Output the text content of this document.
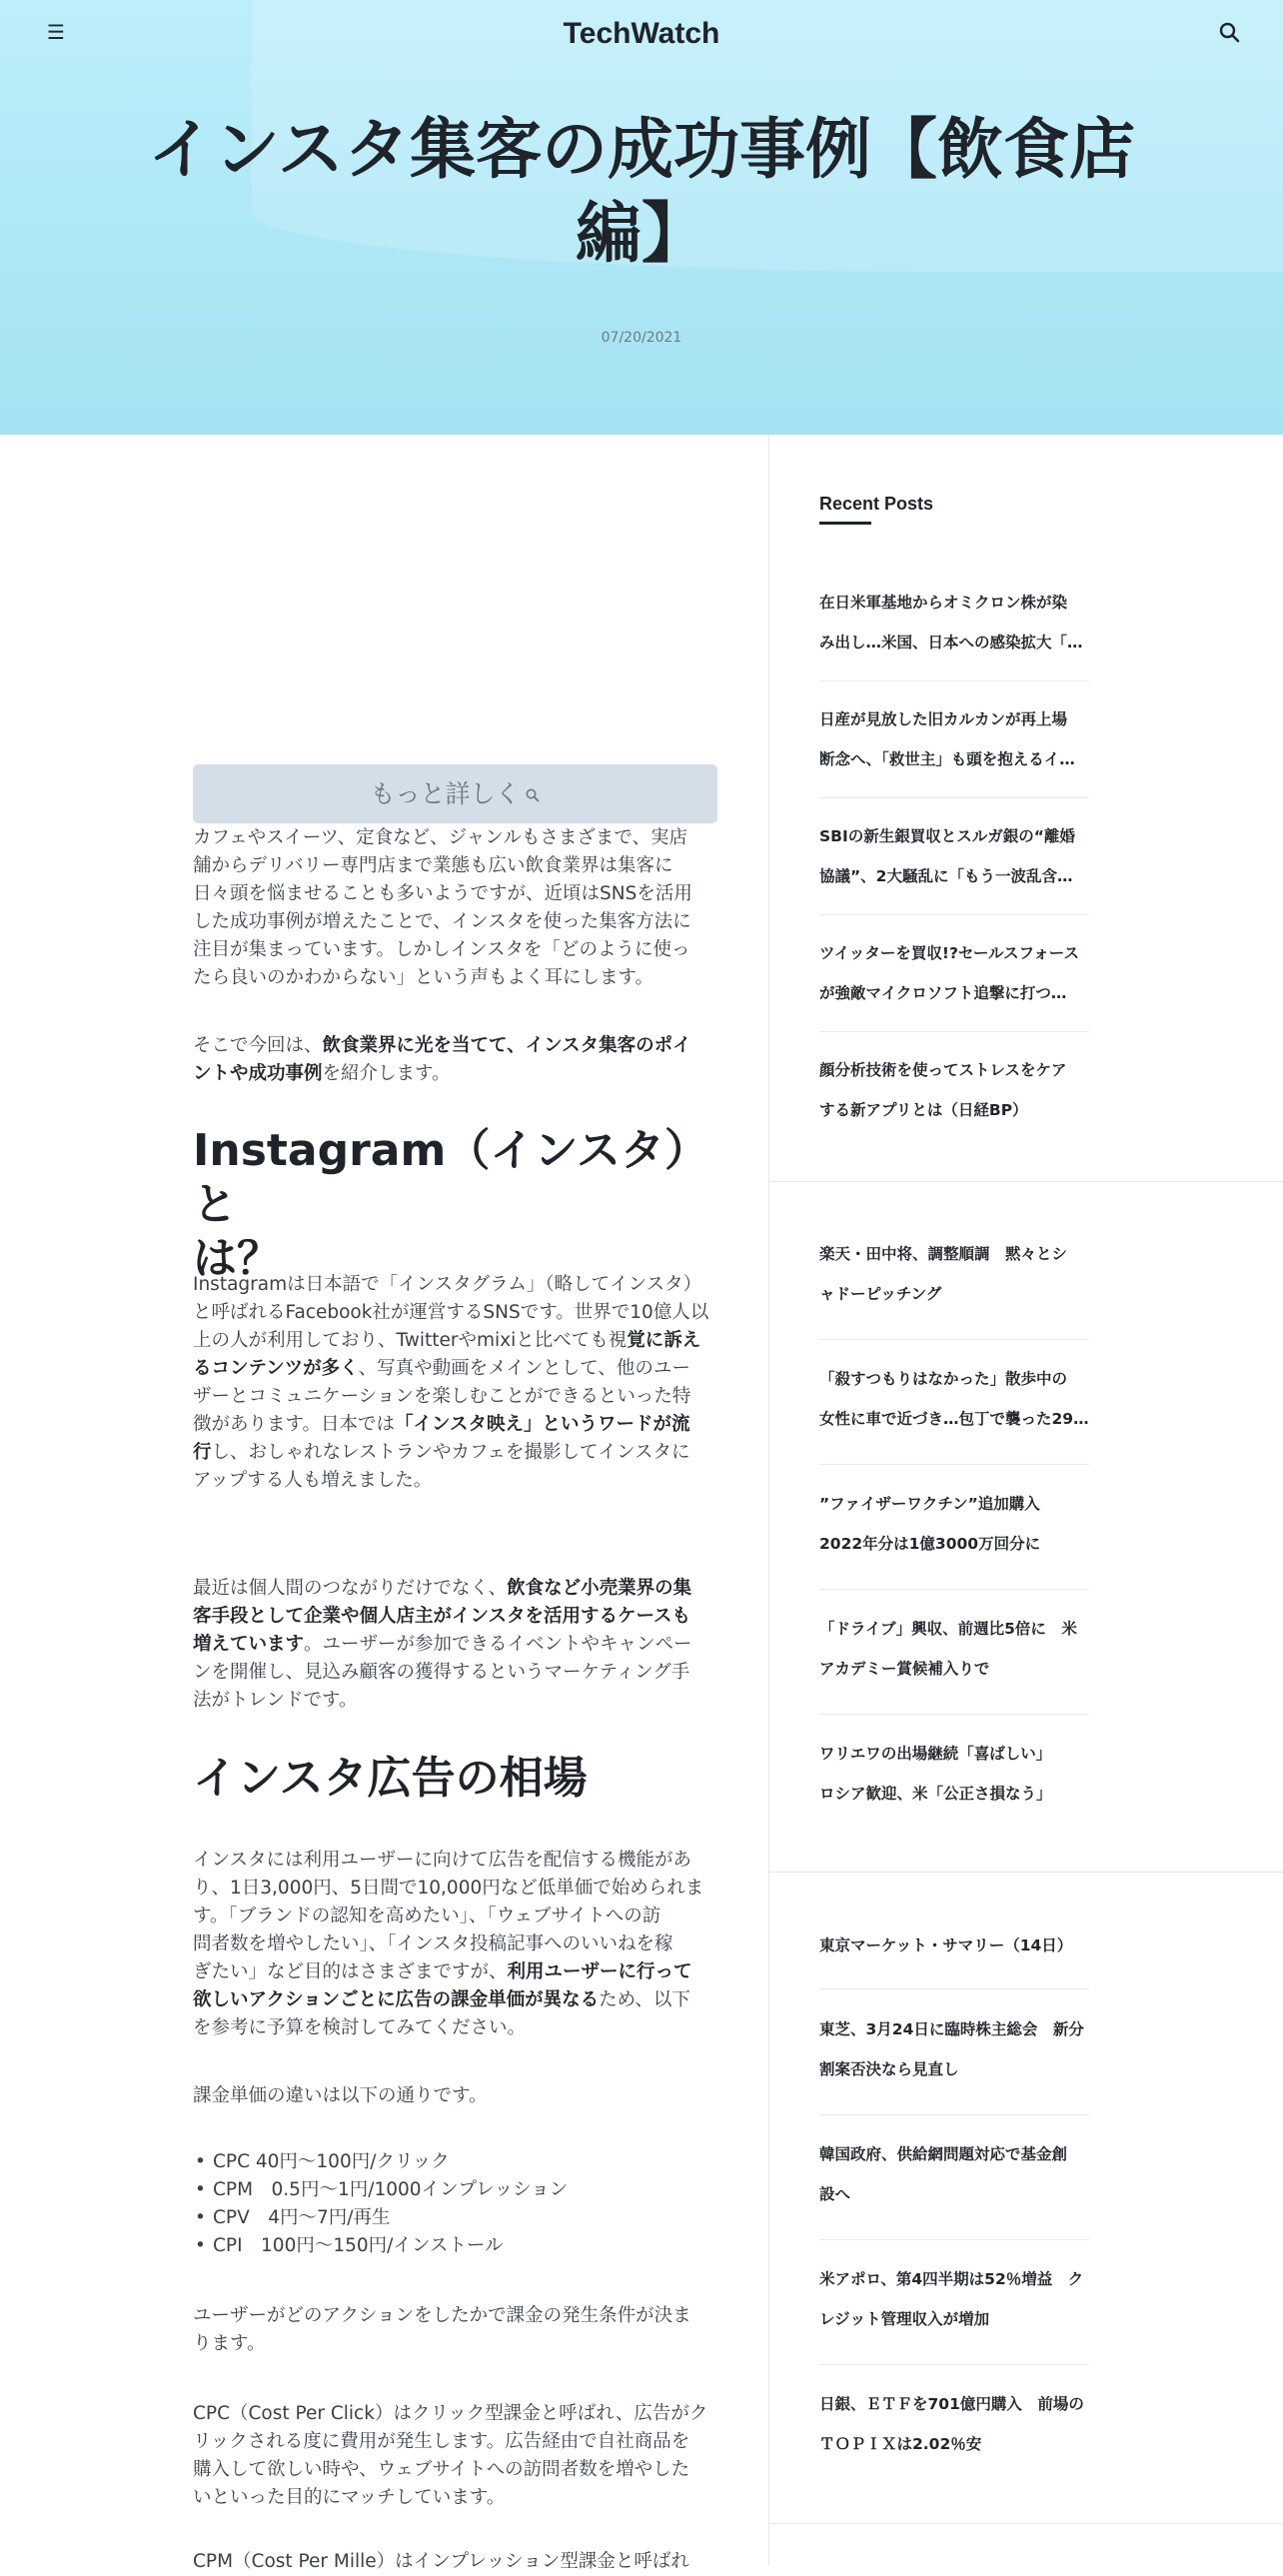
☰	TechWatch
インスタ集客の成功事例【飲食店
編】
07/20/2021
もっと詳しく

カフェやスイーツ、定食など、ジャンルもさまざまで、実店
舗からデリバリー専門店まで業態も広い飲食業界は集客に
日々頭を悩ませることも多いようですが、近頃はSNSを活用
した成功事例が増えたことで、インスタを使った集客方法に
注目が集まっています。しかしインスタを「どのように使っ
たら良いのかわからない」という声もよく耳にします。

そこで今回は、飲食業界に光を当てて、インスタ集客のポイ
ントや成功事例を紹介します。

Instagram（インスタ）と
は？

Instagramは日本語で「インスタグラム」（略してインスタ）
と呼ばれるFacebook社が運営するSNSです。世界で10億人以
上の人が利用しており、Twitterやmixiと比べても視覚に訴え
るコンテンツが多く、写真や動画をメインとして、他のユー
ザーとコミュニケーションを楽しむことができるといった特
徴があります。日本では「インスタ映え」というワードが流
行し、おしゃれなレストランやカフェを撮影してインスタに
アップする人も増えました。

最近は個人間のつながりだけでなく、飲食など小売業界の集
客手段として企業や個人店主がインスタを活用するケースも
増えています。ユーザーが参加できるイベントやキャンペー
ンを開催し、見込み顧客の獲得するというマーケティング手
法がトレンドです。

インスタ広告の相場

インスタには利用ユーザーに向けて広告を配信する機能があ
り、1日3,000円、5日間で10,000円など低単価で始められま
す。「ブランドの認知を高めたい」、「ウェブサイトへの訪
問者数を増やしたい」、「インスタ投稿記事へのいいねを稼
ぎたい」など目的はさまざまですが、利用ユーザーに行って
欲しいアクションごとに広告の課金単価が異なるため、以下
を参考に予算を検討してみてください。

課金単価の違いは以下の通りです。

• CPC 40円～100円/クリック
• CPM　0.5円〜1円/1000インプレッション
• CPV　4円〜7円/再生
• CPI　100円〜150円/インストール

ユーザーがどのアクションをしたかで課金の発生条件が決ま
ります。

CPC（Cost Per Click）はクリック型課金と呼ばれ、広告がク
リックされる度に費用が発生します。広告経由で自社商品を
購入して欲しい時や、ウェブサイトへの訪問者数を増やした
いといった目的にマッチしています。

CPM（Cost Per Mille）はインプレッション型課金と呼ばれ

Recent Posts
在日米軍基地からオミクロン株が染
み出し…米国、日本への感染拡大「…
日産が見放した旧カルカンが再上場
断念へ、「救世主」も頭を抱えるイ…
SBIの新生銀買収とスルガ銀の“離婚
協議”、2大騒乱に「もう一波乱含…
ツイッターを買収!?セールスフォース
が強敵マイクロソフト追撃に打つ…
顔分析技術を使ってストレスをケア
する新アプリとは（日経BP）
楽天・田中将、調整順調　黙々とシ
ャドーピッチング
「殺すつもりはなかった」散歩中の
女性に車で近づき…包丁で襲った29…
”ファイザーワクチン”追加購入
2022年分は1億3000万回分に
「ドライブ」興収、前週比5倍に　米
アカデミー賞候補入りで
ワリエワの出場継続「喜ばしい」
ロシア歓迎、米「公正さ損なう」
東京マーケット・サマリー（14日）
東芝、3月24日に臨時株主総会　新分
割案否決なら見直し
韓国政府、供給網問題対応で基金創
設へ
米アポロ、第4四半期は52％増益　ク
レジット管理収入が増加
日銀、ＥＴＦを701億円購入　前場の
ＴＯＰＩＸは2.02％安
